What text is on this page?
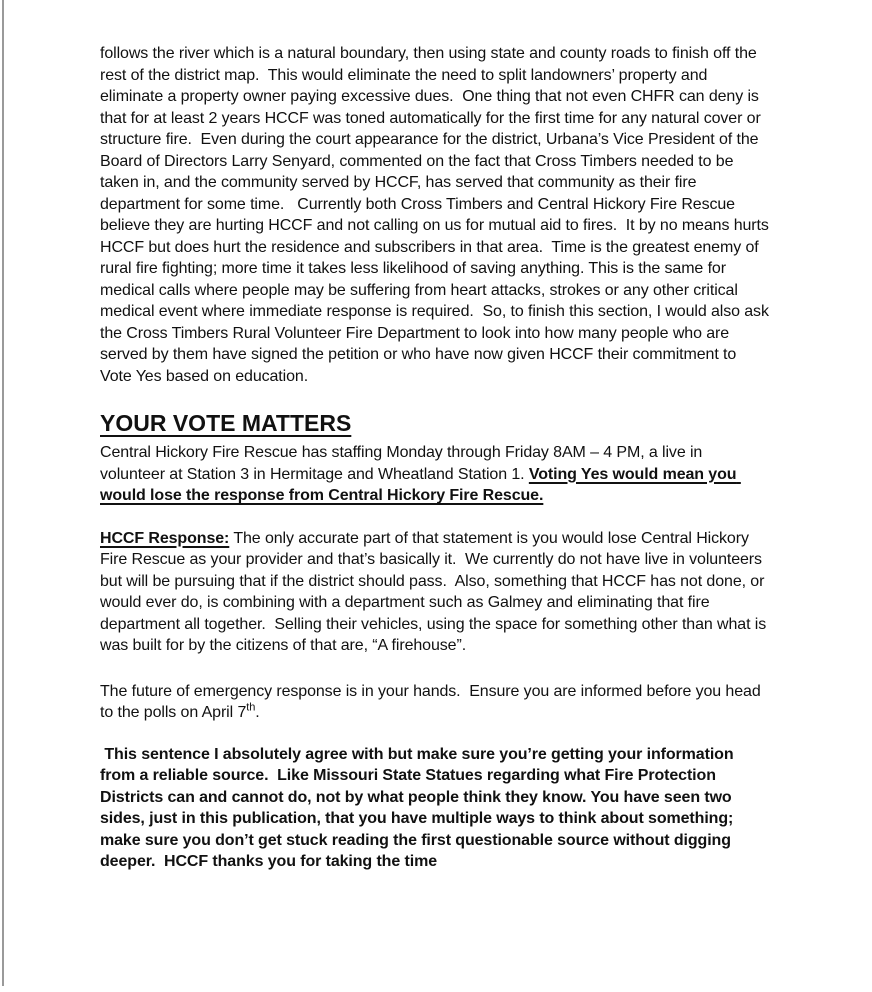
follows the river which is a natural boundary, then using state and county roads to finish off the rest of the district map.  This would eliminate the need to split landowners’ property and eliminate a property owner paying excessive dues.  One thing that not even CHFR can deny is that for at least 2 years HCCF was toned automatically for the first time for any natural cover or structure fire.  Even during the court appearance for the district, Urbana’s Vice President of the Board of Directors Larry Senyard, commented on the fact that Cross Timbers needed to be taken in, and the community served by HCCF, has served that community as their fire department for some time.   Currently both Cross Timbers and Central Hickory Fire Rescue believe they are hurting HCCF and not calling on us for mutual aid to fires.  It by no means hurts HCCF but does hurt the residence and subscribers in that area.  Time is the greatest enemy of rural fire fighting; more time it takes less likelihood of saving anything. This is the same for medical calls where people may be suffering from heart attacks, strokes or any other critical medical event where immediate response is required.  So, to finish this section, I would also ask the Cross Timbers Rural Volunteer Fire Department to look into how many people who are served by them have signed the petition or who have now given HCCF their commitment to Vote Yes based on education.

YOUR VOTE MATTERS

Central Hickory Fire Rescue has staffing Monday through Friday 8AM – 4 PM, a live in volunteer at Station 3 in Hermitage and Wheatland Station 1. Voting Yes would mean you would lose the response from Central Hickory Fire Rescue.

HCCF Response: The only accurate part of that statement is you would lose Central Hickory Fire Rescue as your provider and that’s basically it.  We currently do not have live in volunteers but will be pursuing that if the district should pass.  Also, something that HCCF has not done, or would ever do, is combining with a department such as Galmey and eliminating that fire department all together.  Selling their vehicles, using the space for something other than what is was built for by the citizens of that are, “A firehouse”.

The future of emergency response is in your hands.  Ensure you are informed before you head to the polls on April 7th.

This sentence I absolutely agree with but make sure you’re getting your information from a reliable source.  Like Missouri State Statues regarding what Fire Protection Districts can and cannot do, not by what people think they know. You have seen two sides, just in this publication, that you have multiple ways to think about something; make sure you don’t get stuck reading the first questionable source without digging deeper.  HCCF thanks you for taking the time
